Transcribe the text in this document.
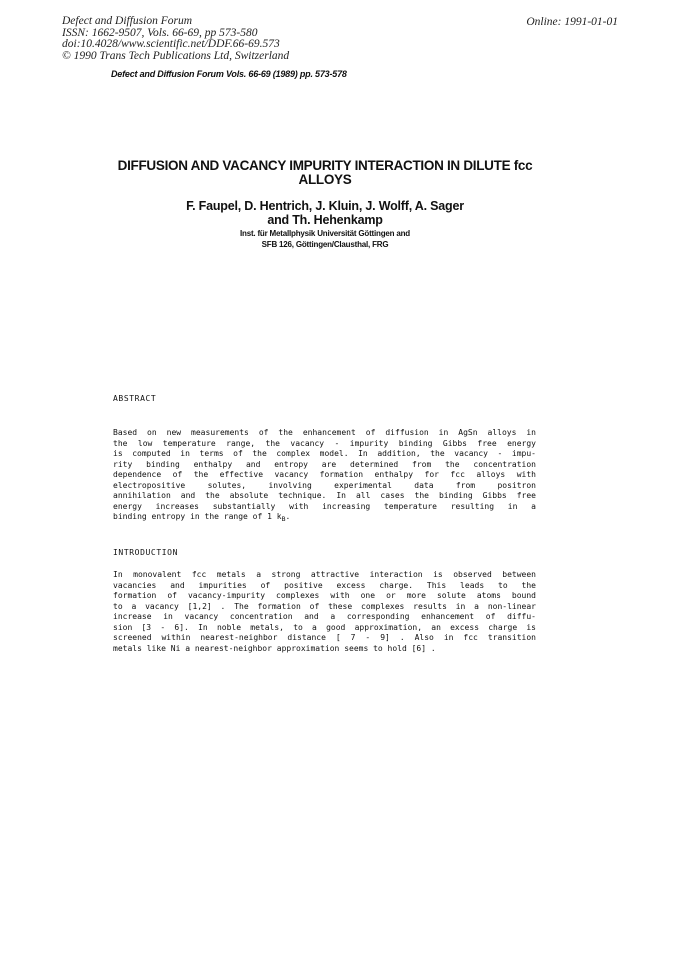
Defect and Diffusion Forum
ISSN: 1662-9507, Vols. 66-69, pp 573-580
doi:10.4028/www.scientific.net/DDF.66-69.573
© 1990 Trans Tech Publications Ltd, Switzerland
Online: 1991-01-01
Defect and Diffusion Forum Vols. 66-69 (1989) pp. 573-578
DIFFUSION AND VACANCY IMPURITY INTERACTION IN DILUTE fcc
ALLOYS
F. Faupel, D. Hentrich, J. Kluin, J. Wolff, A. Sager
and Th. Hehenkamp
Inst. für Metallphysik Universität Göttingen and
SFB 126, Göttingen/Clausthal, FRG
ABSTRACT
Based on new measurements of the enhancement of diffusion in AgSn alloys in
the low temperature range, the vacancy - impurity binding Gibbs free energy
is computed in terms of the complex model. In addition, the vacancy - impu-
rity binding enthalpy and entropy are determined from the concentration
dependence of the effective vacancy formation enthalpy for fcc alloys with
electropositive solutes, involving experimental data from positron
annihilation and the absolute technique. In all cases the binding Gibbs free
energy increases substantially with increasing temperature resulting in a
binding entropy in the range of 1 $k_B$.
INTRODUCTION
In monovalent fcc metals a strong attractive interaction is observed between
vacancies and impurities of positive excess charge. This leads to the
formation of vacancy-impurity complexes with one or more solute atoms bound
to a vacancy [1,2] . The formation of these complexes results in a non-linear
increase in vacancy concentration and a corresponding enhancement of diffu-
sion [3 - 6]. In noble metals, to a good approximation, an excess charge is
screened within nearest-neighbor distance [ 7 - 9] . Also in fcc transition
metals like Ni a nearest-neighbor approximation seems to hold [6] .
